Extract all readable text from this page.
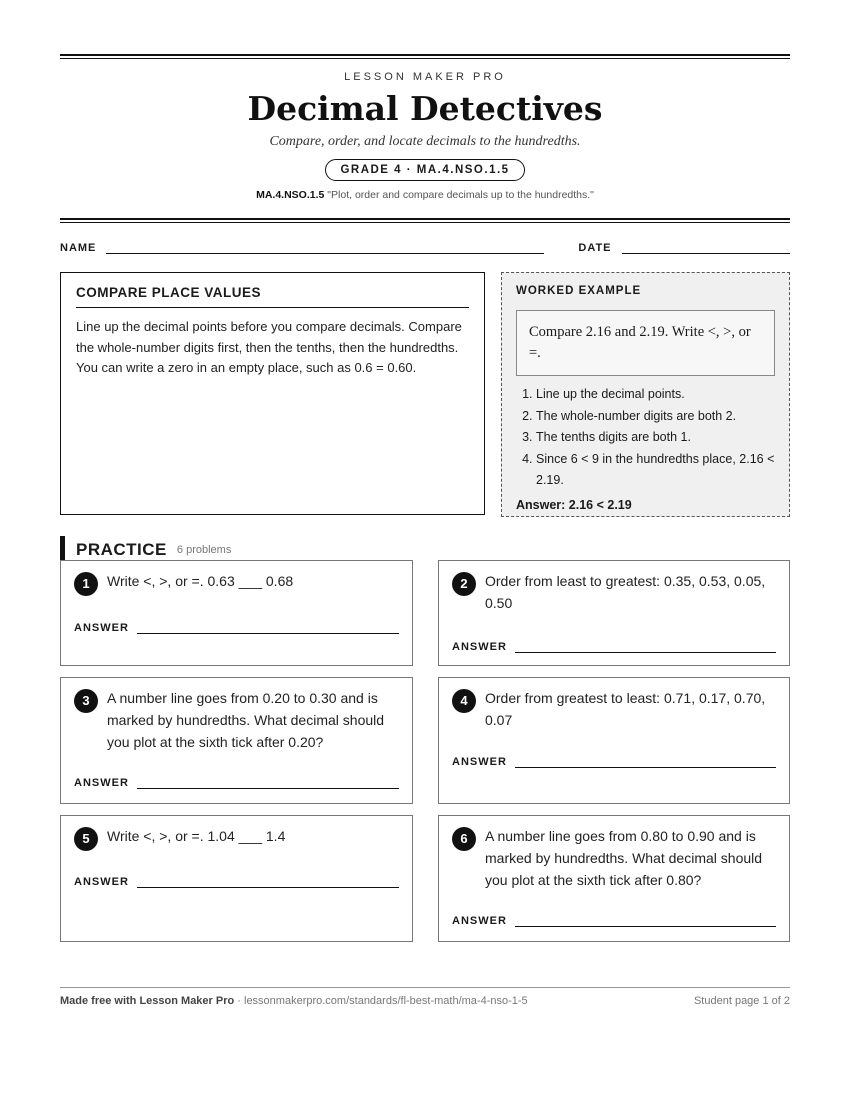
LESSON MAKER PRO
Decimal Detectives
Compare, order, and locate decimals to the hundredths.
GRADE 4 · MA.4.NSO.1.5
MA.4.NSO.1.5 "Plot, order and compare decimals up to the hundredths."
NAME	DATE
COMPARE PLACE VALUES

Line up the decimal points before you compare decimals. Compare the whole-number digits first, then the tenths, then the hundredths. You can write a zero in an empty place, such as 0.6 = 0.60.

WORKED EXAMPLE
Compare 2.16 and 2.19. Write <, >, or =.
1. Line up the decimal points.
2. The whole-number digits are both 2.
3. The tenths digits are both 1.
4. Since 6 < 9 in the hundredths place, 2.16 < 2.19.
Answer: 2.16 < 2.19
PRACTICE 6 problems
1	Write <, >, or =. 0.63 ___ 0.68
ANSWER
2	Order from least to greatest: 0.35, 0.53, 0.05, 0.50
ANSWER
3	A number line goes from 0.20 to 0.30 and is marked by hundredths. What decimal should you plot at the sixth tick after 0.20?
ANSWER
4	Order from greatest to least: 0.71, 0.17, 0.70, 0.07
ANSWER
5	Write <, >, or =. 1.04 ___ 1.4
ANSWER
6	A number line goes from 0.80 to 0.90 and is marked by hundredths. What decimal should you plot at the sixth tick after 0.80?
ANSWER
Made free with Lesson Maker Pro · lessonmakerpro.com/standards/fl-best-math/ma-4-nso-1-5	Student page 1 of 2
